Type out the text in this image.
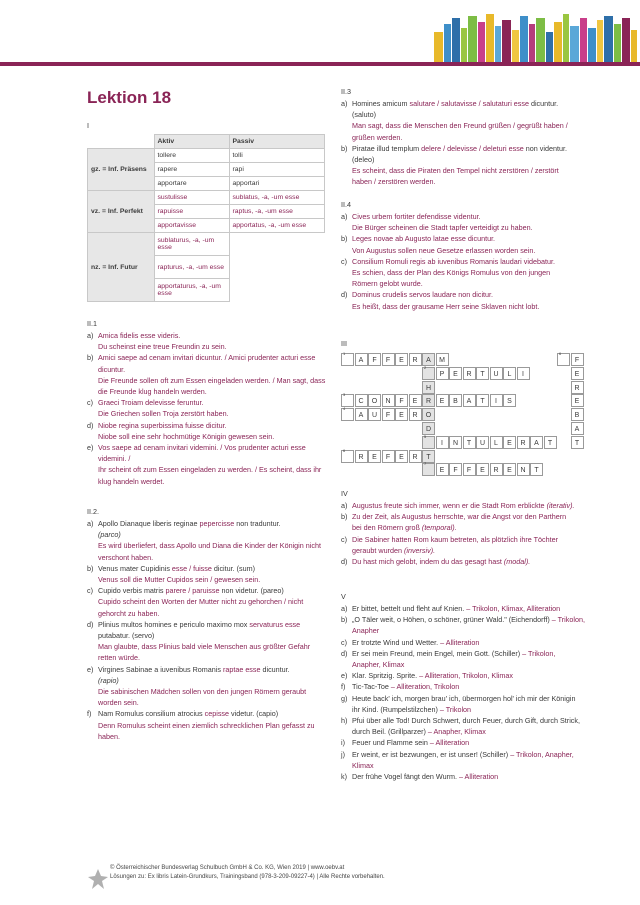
Lektion 18
I
	Aktiv	Passiv
gz. = Inf. Präsens	tollere	tolli
	rapere	rapi
	apportare	apportari
vz. = Inf. Perfekt	sustulisse	sublatus, -a, -um esse
	rapuisse	raptus, -a, -um esse
	apportavisse	apportatus, -a, -um esse
nz. = Inf. Futur	sublaturus, -a, -um esse	
	rapturus, -a, -um esse	
	apportaturus, -a, -um esse	
II.1
a) Amica fidelis esse videris.
Du scheinst eine treue Freundin zu sein.
b) Amici saepe ad cenam invitari dicuntur. / Amici prudenter acturi esse dicuntur.
Die Freunde sollen oft zum Essen eingeladen werden. / Man sagt, dass die Freunde klug handeln werden.
c) Graeci Troiam delevisse feruntur.
Die Griechen sollen Troja zerstört haben.
d) Niobe regina superbissima fuisse dicitur.
Niobe soll eine sehr hochmütige Königin gewesen sein.
e) Vos saepe ad cenam invitari videmini. / Vos prudenter acturi esse videmini. /
Ihr scheint oft zum Essen eingeladen zu werden. / Es scheint, dass ihr klug handeln werdet.
II.2.
a) Apollo Dianaque liberis reginae pepercisse non traduntur.
(parco)
Es wird überliefert, dass Apollo und Diana die Kinder der Königin nicht verschont haben.
b) Venus mater Cupidinis esse / fuisse dicitur. (sum)
Venus soll die Mutter Cupidos sein / gewesen sein.
c) Cupido verbis matris parere / paruisse non videtur. (pareo)
Cupido scheint den Worten der Mutter nicht zu gehorchen / nicht gehorcht zu haben.
d) Plinius multos homines e periculo maximo mox servaturus esse putabatur. (servo)
Man glaubte, dass Plinius bald viele Menschen aus größter Gefahr retten würde.
e) Virgines Sabinae a iuvenibus Romanis raptae esse dicuntur.
(rapio)
Die sabinischen Mädchen sollen von den jungen Römern geraubt worden sein.
f) Nam Romulus consilium atrocius cepisse videtur. (capio)
Denn Romulus scheint einen ziemlich schrecklichen Plan gefasst zu haben.
II.3
a) Homines amicum salutare / salutavisse / salutaturi esse dicuntur. (saluto)
Man sagt, dass die Menschen den Freund grüßen / gegrüßt haben / grüßen werden.
b) Piratae illud templum delere / delevisse / deleturi esse non videntur. (deleo)
Es scheint, dass die Piraten den Tempel nicht zerstören / zerstört haben / zerstören werden.
II.4
a) Cives urbem fortiter defendisse videntur.
Die Bürger scheinen die Stadt tapfer verteidigt zu haben.
b) Leges novae ab Augusto latae esse dicuntur.
Von Augustus sollen neue Gesetze erlassen worden sein.
c) Consilium Romuli regis ab iuvenibus Romanis laudari videbatur.
Es schien, dass der Plan des Königs Romulus von den jungen Römern gelobt wurde.
d) Dominus crudelis servos laudare non dicitur.
Es heißt, dass der grausame Herr seine Sklaven nicht lobt.
III
1
A	F	F	E	R	A	M
6
F
2
P	E	R	T	U	L	I	E
H	R
3
C	O	N	F	E	R	E	B	A	T	I	S	E
4
A	U	F	E	R	O	B
D	A
5
I	N	T	U	L	E	R	A	T	T
6
R	E	F	E	R	T
7
E	F	F	E	R	E	N	T
IV
a) Augustus freute sich immer, wenn er die Stadt Rom erblickte (iterativ).
b) Zu der Zeit, als Augustus herrschte, war die Angst vor den Parthern bei den Römern groß (temporal).
c) Die Sabiner hatten Rom kaum betreten, als plötzlich ihre Töchter geraubt wurden (inversiv).
d) Du hast mich gelobt, indem du das gesagt hast (modal).
V
a) Er bittet, bettelt und fleht auf Knien. – Trikolon, Klimax, Alliteration
b) „O Täler weit, o Höhen, o schöner, grüner Wald." (Eichendorff) – Trikolon, Anapher
c) Er trotzte Wind und Wetter. – Alliteration
d) Er sei mein Freund, mein Engel, mein Gott. (Schiller) – Trikolon, Anapher, Klimax
e) Klar. Spritzig. Sprite. – Alliteration, Trikolon, Klimax
f) Tic-Tac-Toe – Alliteration, Trikolon
g) Heute back' ich, morgen brau' ich, übermorgen hol' ich mir der Königin ihr Kind. (Rumpelstilzchen) – Trikolon
h) Pfui über alle Tod! Durch Schwert, durch Feuer, durch Gift, durch Strick, durch Beil. (Grillparzer) – Anapher, Klimax
i) Feuer und Flamme sein – Alliteration
j) Er weint, er ist bezwungen, er ist unser! (Schiller) – Trikolon, Anapher, Klimax
k) Der frühe Vogel fängt den Wurm. – Alliteration
© Österreichischer Bundesverlag Schulbuch GmbH & Co. KG, Wien 2019 | www.oebv.at
Lösungen zu: Ex libris Latein-Grundkurs, Trainingsband (978-3-209-09227-4) | Alle Rechte vorbehalten.
